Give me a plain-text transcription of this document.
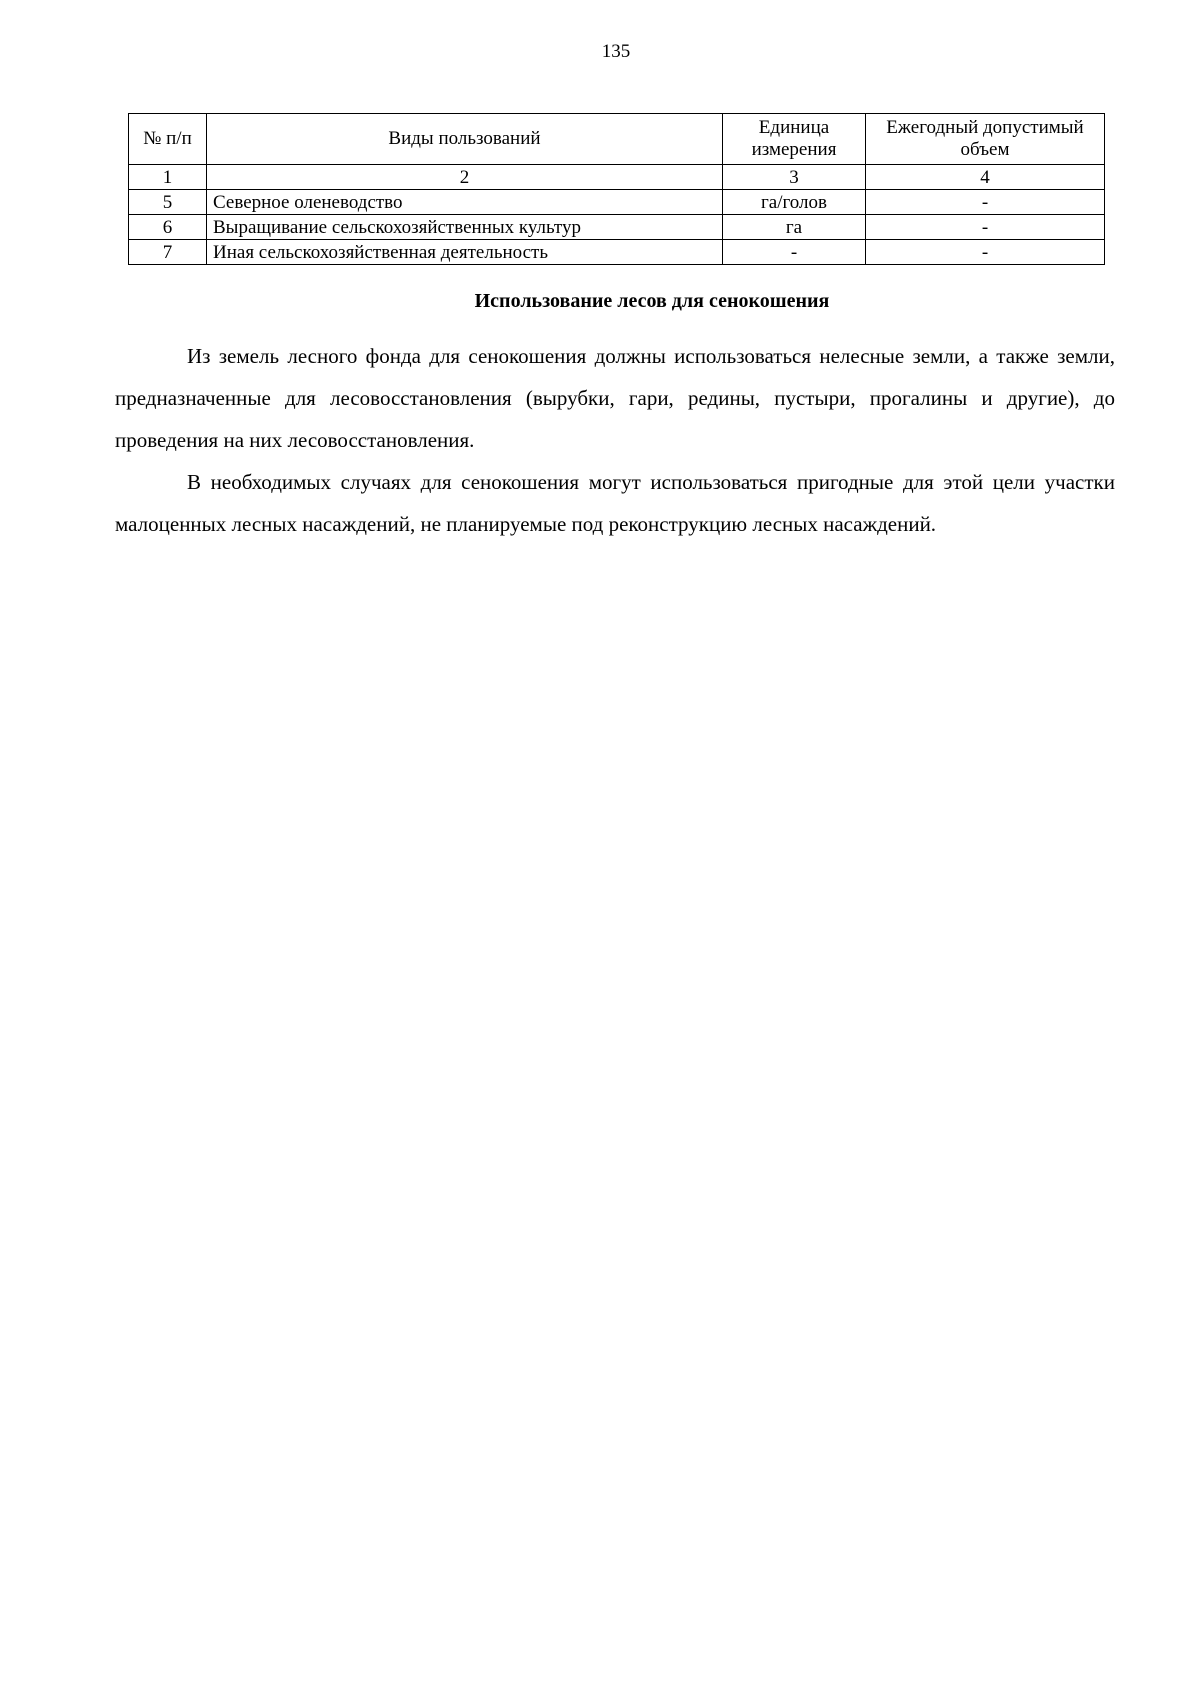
135
№ п/п	Виды пользований	Единица измерения	Ежегодный допустимый объем
1	2	3	4
5	Северное оленеводство	га/голов	-
6	Выращивание сельскохозяйственных культур	га	-
7	Иная сельскохозяйственная деятельность	-	-
Использование лесов для сенокошения

Из земель лесного фонда для сенокошения должны использоваться нелесные земли, а также земли, предназначенные для лесовосстановления (вырубки, гари, редины, пустыри, прогалины и другие), до проведения на них лесовосстановления.

В необходимых случаях для сенокошения могут использоваться пригодные для этой цели участки малоценных лесных насаждений, не планируемые под реконструкцию лесных насаждений.
